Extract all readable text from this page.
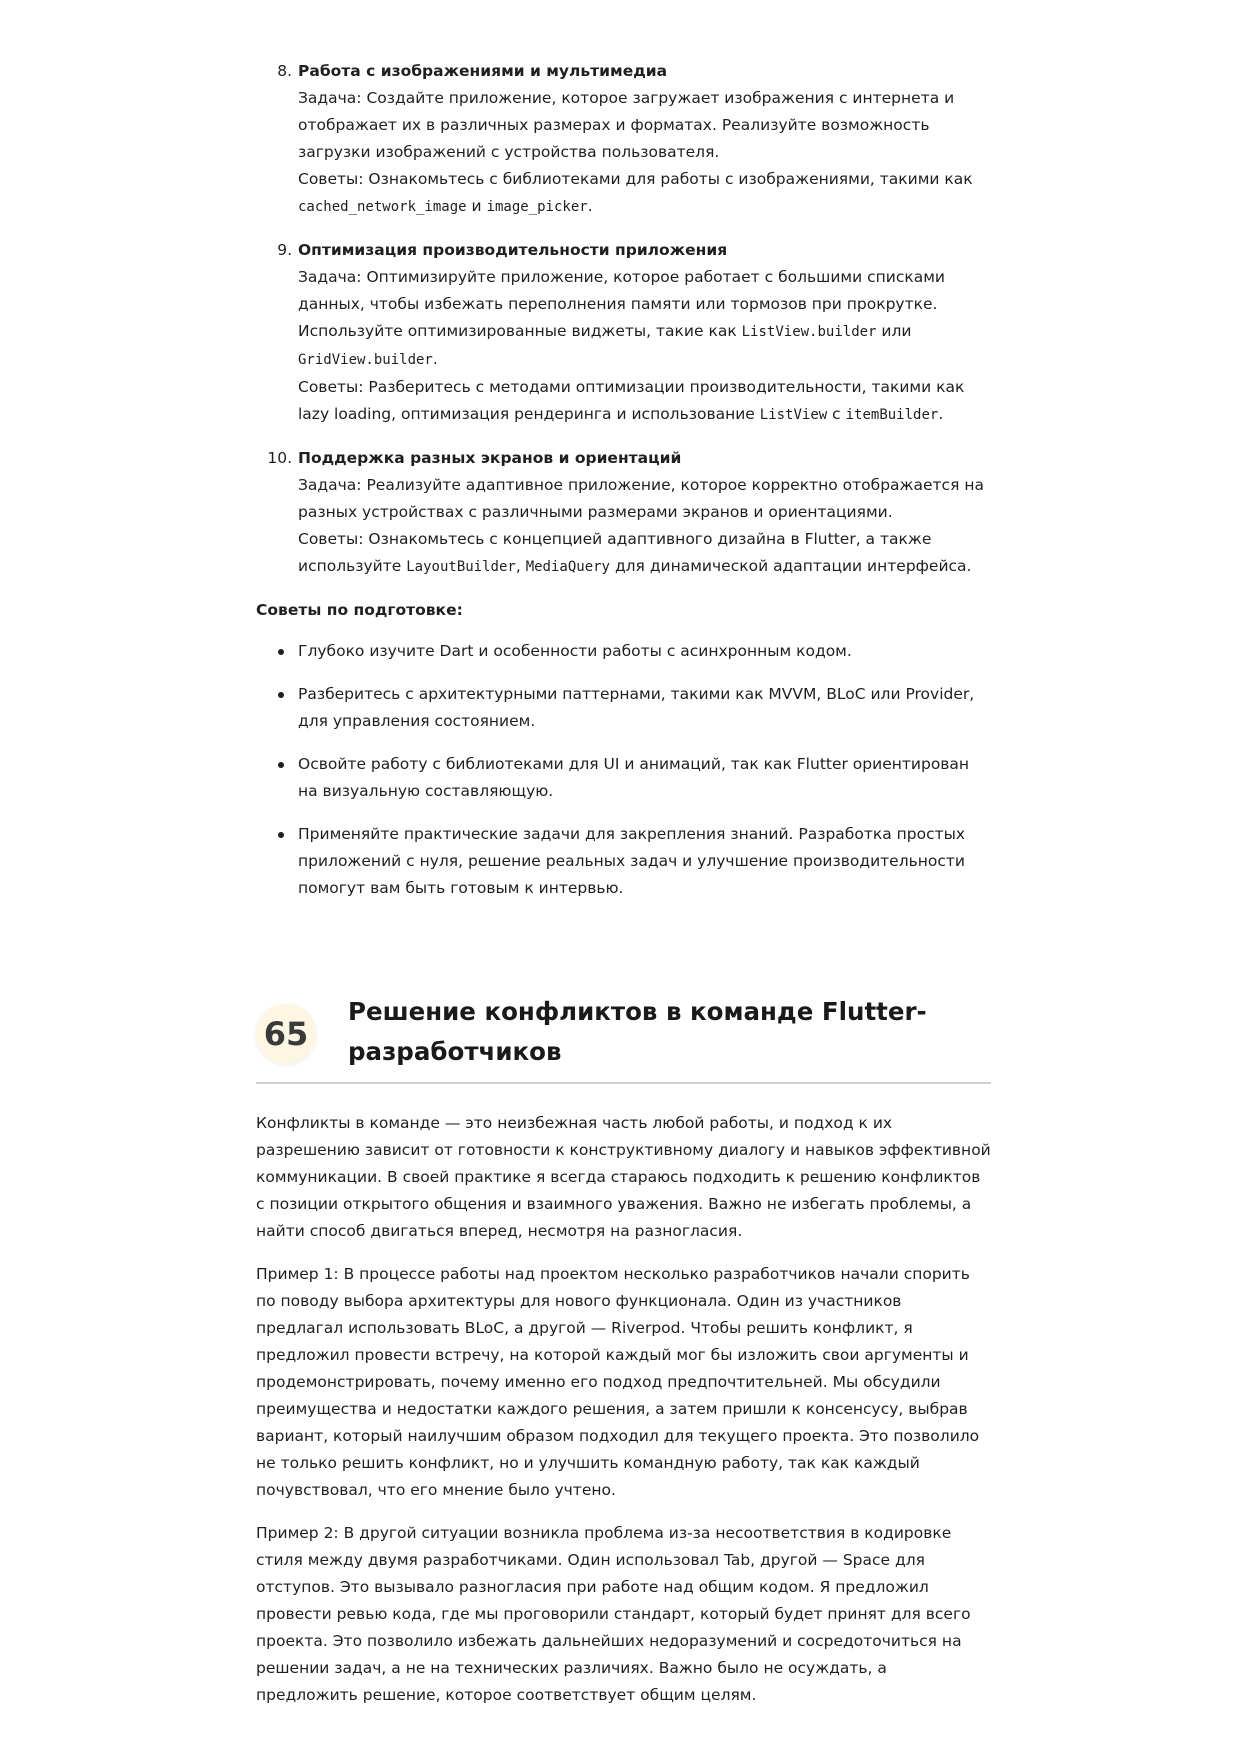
8. Работа с изображениями и мультимедиа

Задача: Создайте приложение, которое загружает изображения с интернета и отображает их в различных размерах и форматах. Реализуйте возможность загрузки изображений с устройства пользователя.

Советы: Ознакомьтесь с библиотеками для работы с изображениями, такими как cached_network_image и image_picker.

9. Оптимизация производительности приложения

Задача: Оптимизируйте приложение, которое работает с большими списками данных, чтобы избежать переполнения памяти или тормозов при прокрутке. Используйте оптимизированные виджеты, такие как ListView.builder или GridView.builder.

Советы: Разберитесь с методами оптимизации производительности, такими как lazy loading, оптимизация рендеринга и использование ListView с itemBuilder.

10. Поддержка разных экранов и ориентаций

Задача: Реализуйте адаптивное приложение, которое корректно отображается на разных устройствах с различными размерами экранов и ориентациями.

Советы: Ознакомьтесь с концепцией адаптивного дизайна в Flutter, а также используйте LayoutBuilder, MediaQuery для динамической адаптации интерфейса.

Советы по подготовке:
Глубоко изучите Dart и особенности работы с асинхронным кодом.
Разберитесь с архитектурными паттернами, такими как MVVM, BLoC или Provider, для управления состоянием.
Освойте работу с библиотеками для UI и анимаций, так как Flutter ориентирован на визуальную составляющую.
Применяйте практические задачи для закрепления знаний. Разработка простых приложений с нуля, решение реальных задач и улучшение производительности помогут вам быть готовым к интервью.
65
Решение конфликтов в команде Flutter-разработчиков

Конфликты в команде — это неизбежная часть любой работы, и подход к их разрешению зависит от готовности к конструктивному диалогу и навыков эффективной коммуникации. В своей практике я всегда стараюсь подходить к решению конфликтов с позиции открытого общения и взаимного уважения. Важно не избегать проблемы, а найти способ двигаться вперед, несмотря на разногласия.

Пример 1: В процессе работы над проектом несколько разработчиков начали спорить по поводу выбора архитектуры для нового функционала. Один из участников предлагал использовать BLoC, а другой — Riverpod. Чтобы решить конфликт, я предложил провести встречу, на которой каждый мог бы изложить свои аргументы и продемонстрировать, почему именно его подход предпочтительней. Мы обсудили преимущества и недостатки каждого решения, а затем пришли к консенсусу, выбрав вариант, который наилучшим образом подходил для текущего проекта. Это позволило не только решить конфликт, но и улучшить командную работу, так как каждый почувствовал, что его мнение было учтено.

Пример 2: В другой ситуации возникла проблема из-за несоответствия в кодировке стиля между двумя разработчиками. Один использовал Tab, другой — Space для отступов. Это вызывало разногласия при работе над общим кодом. Я предложил провести ревью кода, где мы проговорили стандарт, который будет принят для всего проекта. Это позволило избежать дальнейших недоразумений и сосредоточиться на решении задач, а не на технических различиях. Важно было не осуждать, а предложить решение, которое соответствует общим целям.
